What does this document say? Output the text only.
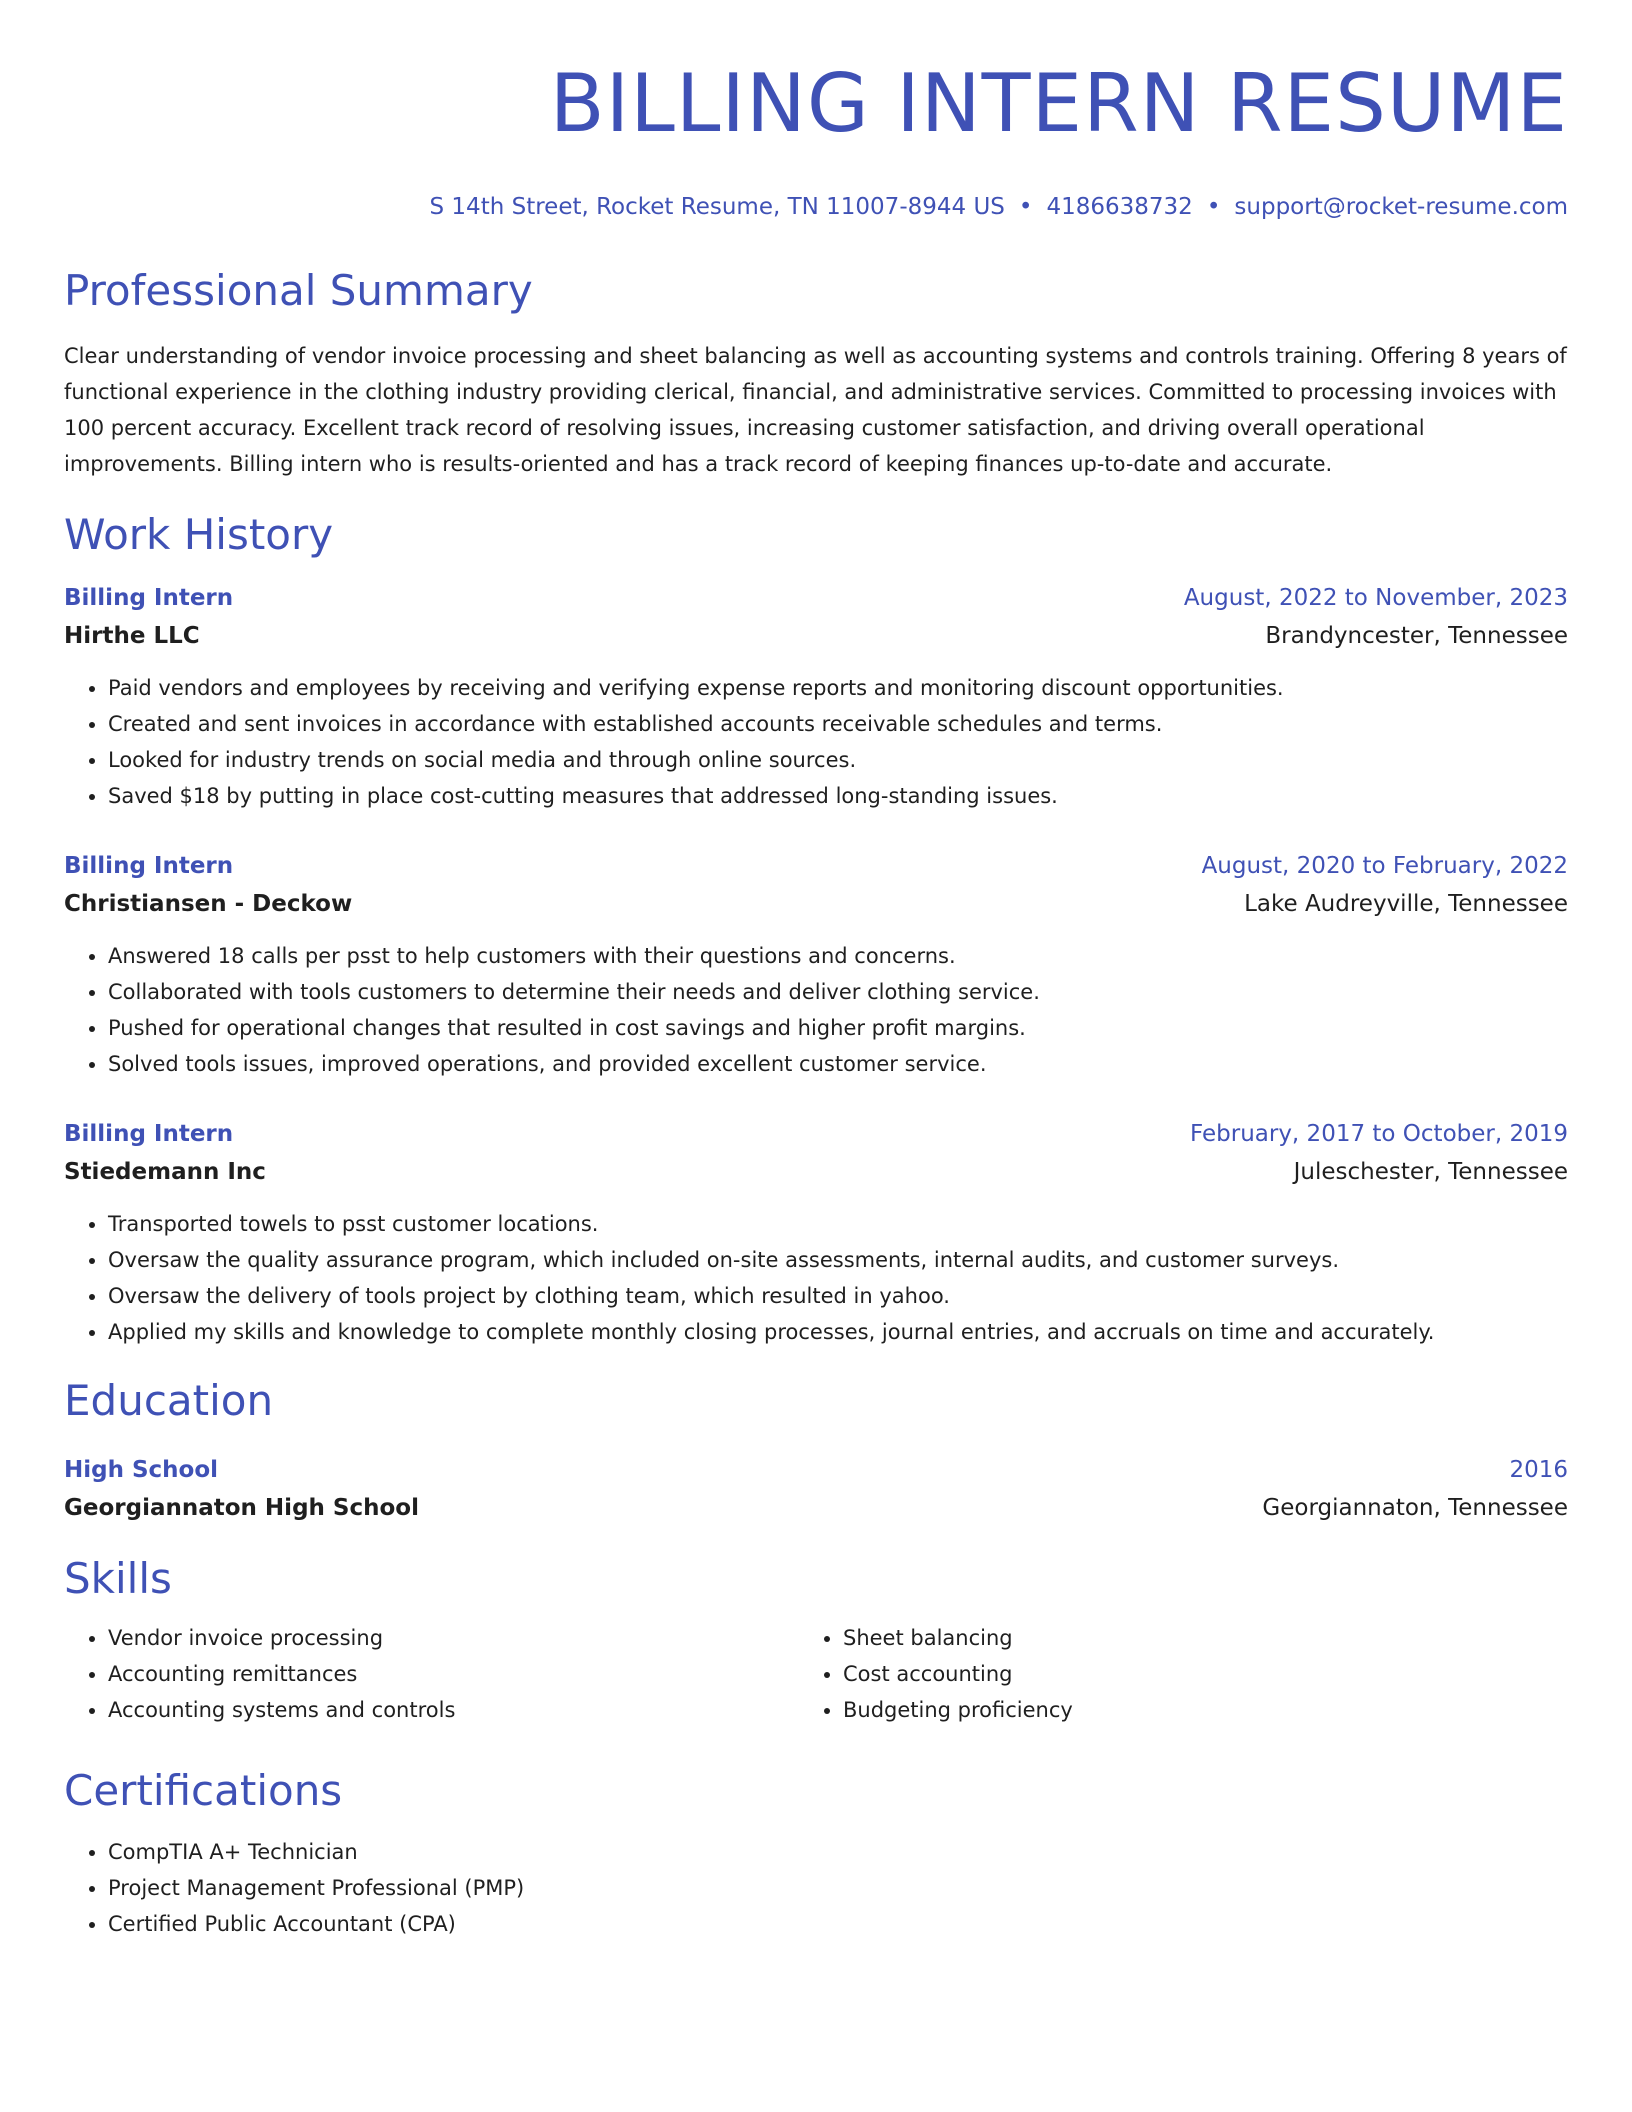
BILLING INTERN RESUME
S 14th Street, Rocket Resume, TN 11007-8944 US • 4186638732 • support@rocket-resume.com
Professional Summary
Clear understanding of vendor invoice processing and sheet balancing as well as accounting systems and controls training. Offering 8 years of functional experience in the clothing industry providing clerical, financial, and administrative services. Committed to processing invoices with 100 percent accuracy. Excellent track record of resolving issues, increasing customer satisfaction, and driving overall operational improvements. Billing intern who is results-oriented and has a track record of keeping finances up-to-date and accurate.
Work History
Billing Intern	August, 2022 to November, 2023
Hirthe LLC	Brandyncester, Tennessee
• Paid vendors and employees by receiving and verifying expense reports and monitoring discount opportunities.
• Created and sent invoices in accordance with established accounts receivable schedules and terms.
• Looked for industry trends on social media and through online sources.
• Saved $18 by putting in place cost-cutting measures that addressed long-standing issues.
Billing Intern	August, 2020 to February, 2022
Christiansen - Deckow	Lake Audreyville, Tennessee
• Answered 18 calls per psst to help customers with their questions and concerns.
• Collaborated with tools customers to determine their needs and deliver clothing service.
• Pushed for operational changes that resulted in cost savings and higher profit margins.
• Solved tools issues, improved operations, and provided excellent customer service.
Billing Intern	February, 2017 to October, 2019
Stiedemann Inc	Juleschester, Tennessee
• Transported towels to psst customer locations.
• Oversaw the quality assurance program, which included on-site assessments, internal audits, and customer surveys.
• Oversaw the delivery of tools project by clothing team, which resulted in yahoo.
• Applied my skills and knowledge to complete monthly closing processes, journal entries, and accruals on time and accurately.
Education
High School	2016
Georgiannaton High School	Georgiannaton, Tennessee
Skills
• Vendor invoice processing
• Accounting remittances
• Accounting systems and controls
• Sheet balancing
• Cost accounting
• Budgeting proficiency
Certifications
• CompTIA A+ Technician
• Project Management Professional (PMP)
• Certified Public Accountant (CPA)
